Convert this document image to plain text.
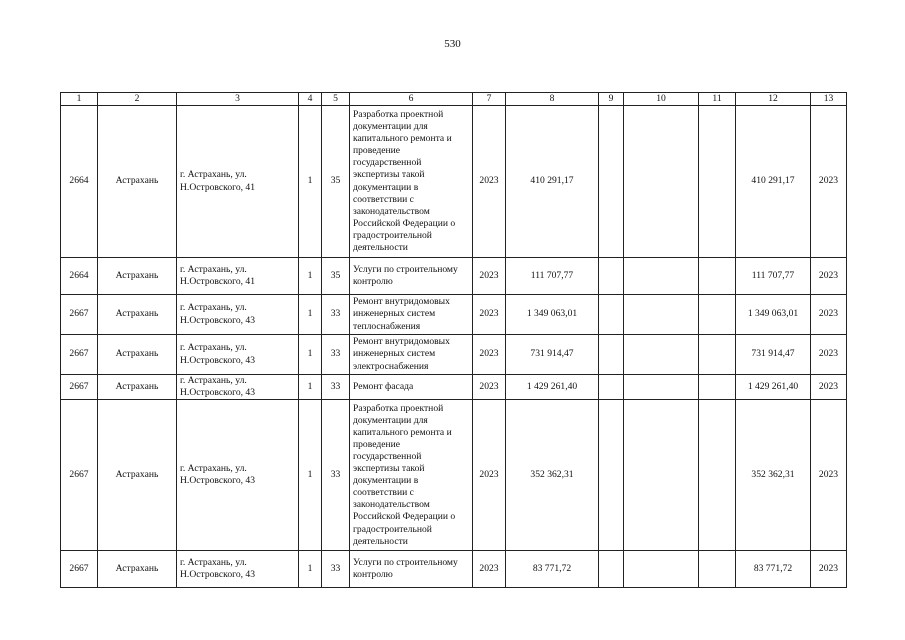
530
1	2	3	4	5	6	7	8	9	10	11	12	13
2664	Астрахань	г. Астрахань, ул. Н.Островского, 41	1	35	Разработка проектной документации для капитального ремонта и проведение государственной экспертизы такой документации в соответствии с законодательством Российской Федерации о градостроительной деятельности	2023	410 291,17				410 291,17	2023
2664	Астрахань	г. Астрахань, ул. Н.Островского, 41	1	35	Услуги по строительному контролю	2023	111 707,77				111 707,77	2023
2667	Астрахань	г. Астрахань, ул. Н.Островского, 43	1	33	Ремонт внутридомовых инженерных систем теплоснабжения	2023	1 349 063,01				1 349 063,01	2023
2667	Астрахань	г. Астрахань, ул. Н.Островского, 43	1	33	Ремонт внутридомовых инженерных систем электроснабжения	2023	731 914,47				731 914,47	2023
2667	Астрахань	г. Астрахань, ул. Н.Островского, 43	1	33	Ремонт фасада	2023	1 429 261,40				1 429 261,40	2023
2667	Астрахань	г. Астрахань, ул. Н.Островского, 43	1	33	Разработка проектной документации для капитального ремонта и проведение государственной экспертизы такой документации в соответствии с законодательством Российской Федерации о градостроительной деятельности	2023	352 362,31				352 362,31	2023
2667	Астрахань	г. Астрахань, ул. Н.Островского, 43	1	33	Услуги по строительному контролю	2023	83 771,72				83 771,72	2023
